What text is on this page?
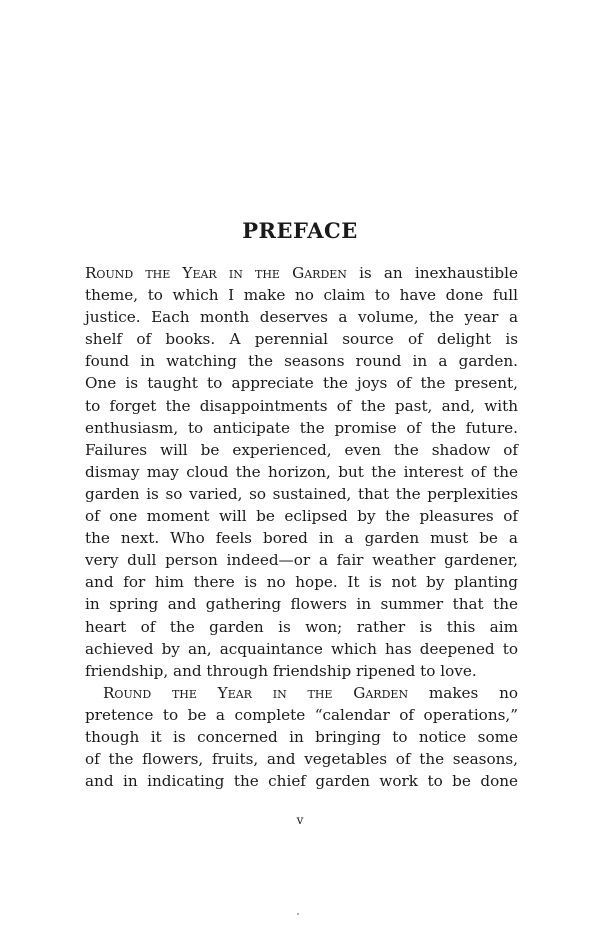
PREFACE
Round the Year in the Garden is an inexhaustible
theme, to which I make no claim to have done full
justice. Each month deserves a volume, the year a
shelf of books. A perennial source of delight is
found in watching the seasons round in a garden.
One is taught to appreciate the joys of the present,
to forget the disappointments of the past, and, with
enthusiasm, to anticipate the promise of the future.
Failures will be experienced, even the shadow of
dismay may cloud the horizon, but the interest of the
garden is so varied, so sustained, that the perplexities
of one moment will be eclipsed by the pleasures of
the next. Who feels bored in a garden must be a
very dull person indeed—or a fair weather gardener,
and for him there is no hope. It is not by planting
in spring and gathering flowers in summer that the
heart of the garden is won; rather is this aim
achieved by an, acquaintance which has deepened to
friendship, and through friendship ripened to love.
Round the Year in the Garden makes no
pretence to be a complete “calendar of operations,”
though it is concerned in bringing to notice some
of the flowers, fruits, and vegetables of the seasons,
and in indicating the chief garden work to be done
v
